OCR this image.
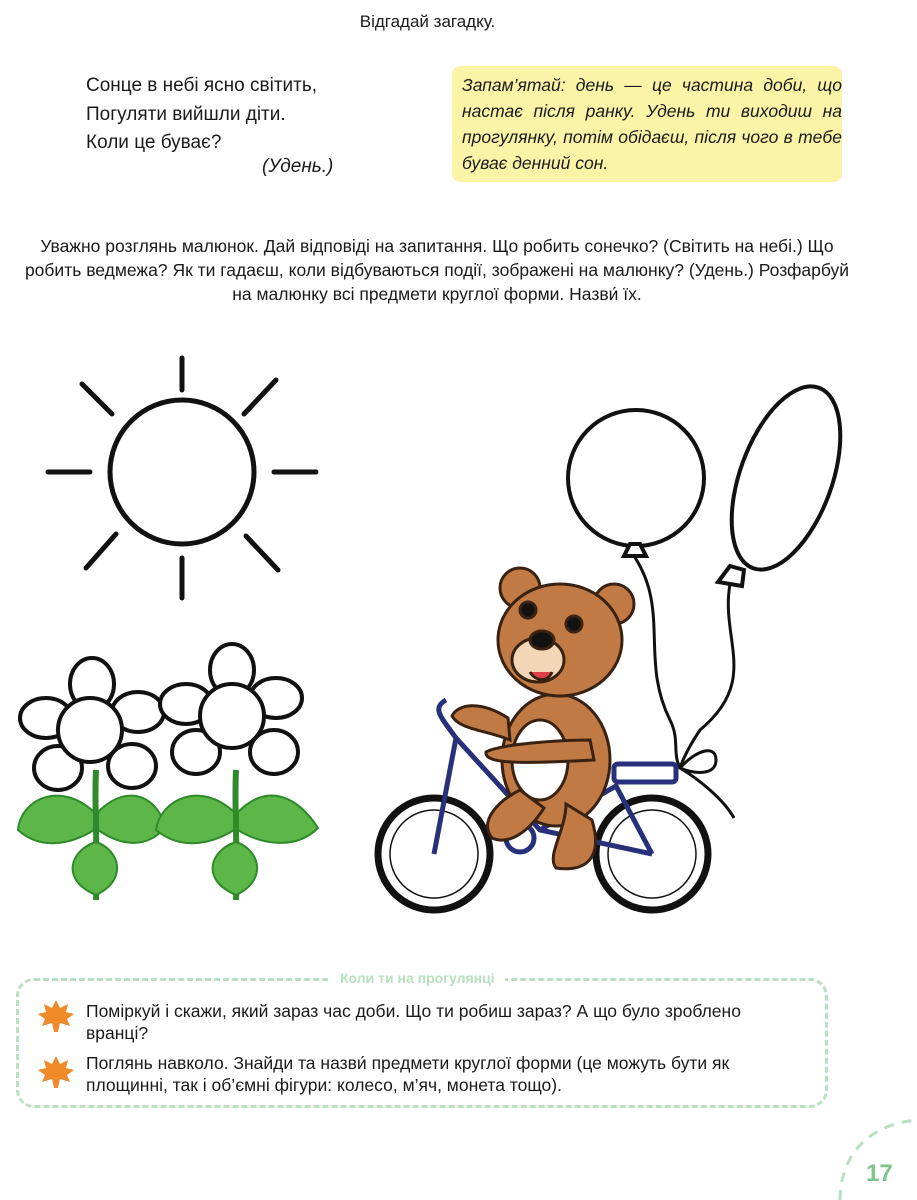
Відгадай загадку.
Сонце в небі ясно світить,
Погуляти вийшли діти.
Коли це буває?
(Удень.)
Запам’ятай: день — це частина доби, що настає після ранку. Удень ти виходиш на прогулянку, потім обідаєш, після чого в тебе буває денний сон.
Уважно розглянь малюнок. Дай відповіді на запитання. Що робить сонечко? (Світить на небі.) Що робить ведмежа? Як ти гадаєш, коли відбуваються події, зображені на малюнку? (Удень.) Розфарбуй на малюнку всі предмети круглої форми. Назви́ їх.
Коли ти на прогулянці
Поміркуй і скажи, який зараз час доби. Що ти робиш зараз? А що було зроблено вранці?
Поглянь навколо. Знайди та назви́ предмети круглої форми (це можуть бути як площинні, так і об’ємні фігури: колесо, м’яч, монета тощо).
17
